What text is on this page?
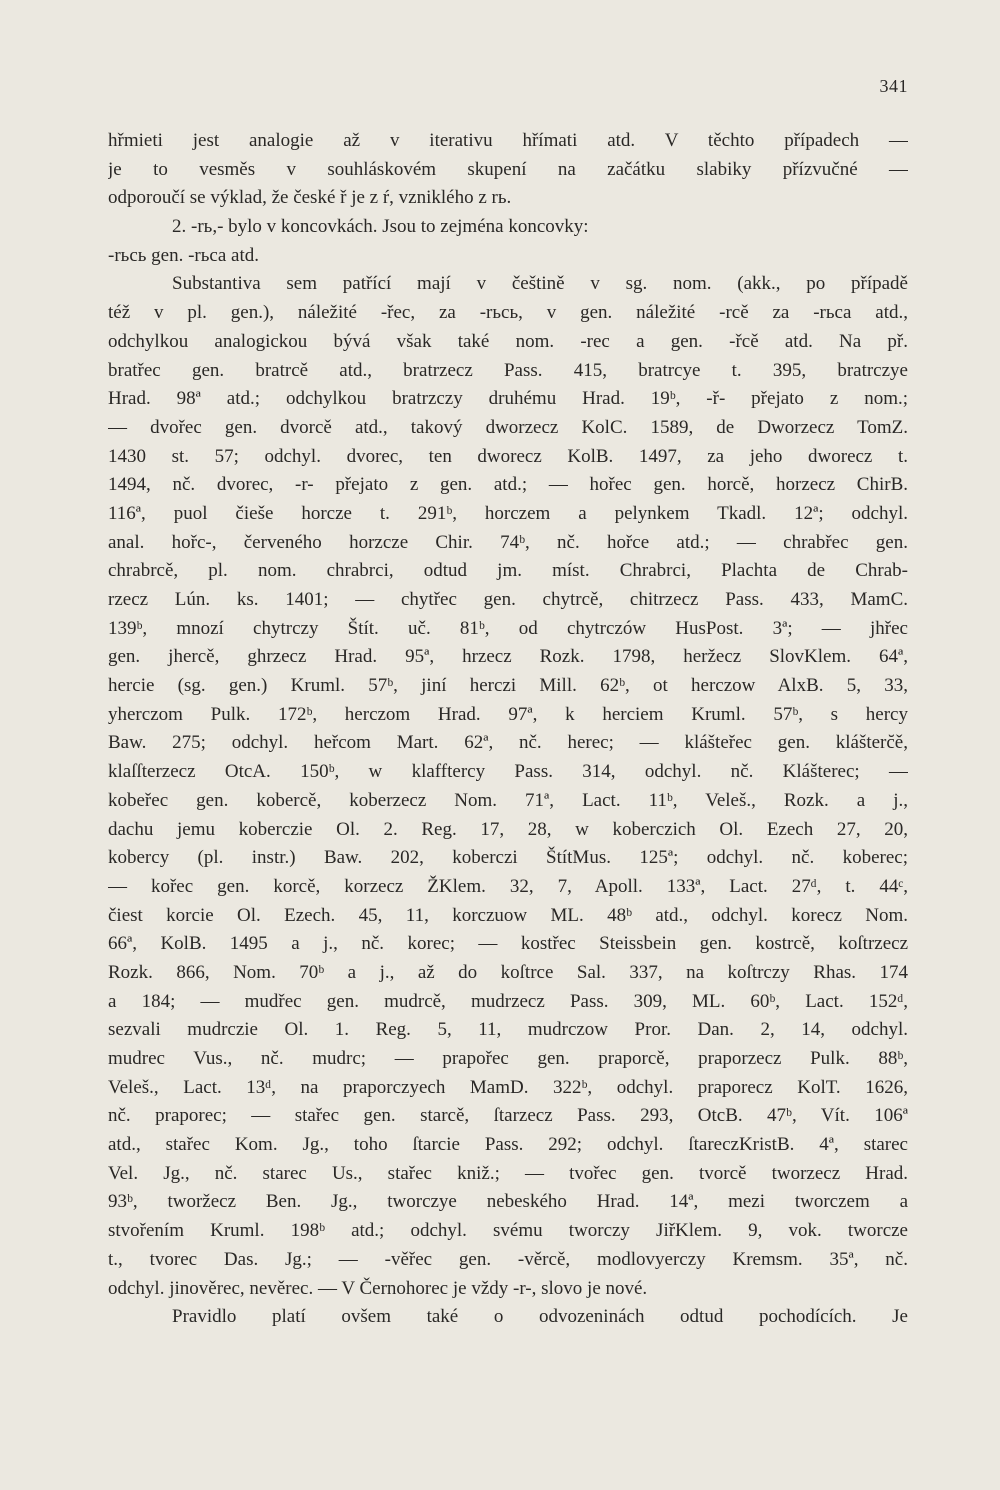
341
hřmieti jest analogie až v iterativu hřímati atd. V těchto případech —
je to vesměs v souhláskovém skupení na začátku slabiky přízvučné —
odporoučí se výklad, že české ř je z ŕ, vzniklého z rь.
2. -rь,- bylo v koncovkách. Jsou to zejména koncovky:
-rьcь gen. -rьca atd.
Substantiva sem patřící mají v češtině v sg. nom. (akk., po případě
též v pl. gen.), náležité -řec, za -rьcь, v gen. náležité -rcě za -rьca atd.,
odchylkou analogickou bývá však také nom. -rec a gen. -řcě atd. Na př.
bratřec gen. bratrcě atd., bratrzecz Pass. 415, bratrcye t. 395, bratrczye
Hrad. 98ª atd.; odchylkou bratrzczy druhému Hrad. 19ᵇ, -ř- přejato z nom.;
— dvořec gen. dvorcě atd., takový dworzecz KolC. 1589, de Dworzecz TomZ.
1430 st. 57; odchyl. dvorec, ten dworecz KolB. 1497, za jeho dworecz t.
1494, nč. dvorec, -r- přejato z gen. atd.; — hořec gen. horcě, horzecz ChirB.
116ª, puol čieše horcze t. 291ᵇ, horczem a pelynkem Tkadl. 12ª; odchyl.
anal. hořc-, červeného horzcze Chir. 74ᵇ, nč. hořce atd.; — chrabřec gen.
chrabrcě, pl. nom. chrabrci, odtud jm. míst. Chrabrci, Plachta de Chrab-
rzecz Lún. ks. 1401; — chytřec gen. chytrcě, chitrzecz Pass. 433, MamC.
139ᵇ, mnozí chytrczy Štít. uč. 81ᵇ, od chytrczów HusPost. 3ª; — jhřec
gen. jhercě, ghrzecz Hrad. 95ª, hrzecz Rozk. 1798, heržecz SlovKlem. 64ª,
hercie (sg. gen.) Kruml. 57ᵇ, jiní herczi Mill. 62ᵇ, ot herczow AlxB. 5, 33,
yherczom Pulk. 172ᵇ, herczom Hrad. 97ª, k herciem Kruml. 57ᵇ, s hercy
Baw. 275; odchyl. heřcom Mart. 62ª, nč. herec; — klášteřec gen. klášterc̆ě,
klaſſterzecz OtcA. 150ᵇ, w klafftercy Pass. 314, odchyl. nč. Klášterec; —
kobeřec gen. kobercě, koberzecz Nom. 71ª, Lact. 11ᵇ, Veleš., Rozk. a j.,
dachu jemu koberczie Ol. 2. Reg. 17, 28, w koberczich Ol. Ezech 27, 20,
kobercy (pl. instr.) Baw. 202, koberczi ŠtítMus. 125ª; odchyl. nč. koberec;
— kořec gen. korcě, korzecz ŽKlem. 32, 7, Apoll. 133ª, Lact. 27ᵈ, t. 44ᶜ,
čiest korcie Ol. Ezech. 45, 11, korczuow ML. 48ᵇ atd., odchyl. korecz Nom.
66ª, KolB. 1495 a j., nč. korec; — kostřec Steissbein gen. kostrcě, koſtrzecz
Rozk. 866, Nom. 70ᵇ a j., až do koſtrce Sal. 337, na koſtrczy Rhas. 174
a 184; — mudřec gen. mudrcě, mudrzecz Pass. 309, ML. 60ᵇ, Lact. 152ᵈ,
sezvali mudrczie Ol. 1. Reg. 5, 11, mudrczow Pror. Dan. 2, 14, odchyl.
mudrec Vus., nč. mudrc; — prapořec gen. praporcě, praporzecz Pulk. 88ᵇ,
Veleš., Lact. 13ᵈ, na praporczyech MamD. 322ᵇ, odchyl. praporecz KolT. 1626,
nč. praporec; — stařec gen. starcě, ſtarzecz Pass. 293, OtcB. 47ᵇ, Vít. 106ª
atd., stařec Kom. Jg., toho ſtarcie Pass. 292; odchyl. ſtareczKristB. 4ª, starec
Vel. Jg., nč. starec Us., stařec kniž.; — tvořec gen. tvorcě tworzecz Hrad.
93ᵇ, tworžecz Ben. Jg., tworczye nebeského Hrad. 14ª, mezi tworczem a
stvořením Kruml. 198ᵇ atd.; odchyl. svému tworczy JiřKlem. 9, vok. tworcze
t., tvorec Das. Jg.; — -věřec gen. -věrcě, modlovyerczy Kremsm. 35ª, nč.
odchyl. jinověrec, nevěrec. — V Černohorec je vždy -r-, slovo je nové.
Pravidlo platí ovšem také o odvozeninách odtud pochodících. Je
